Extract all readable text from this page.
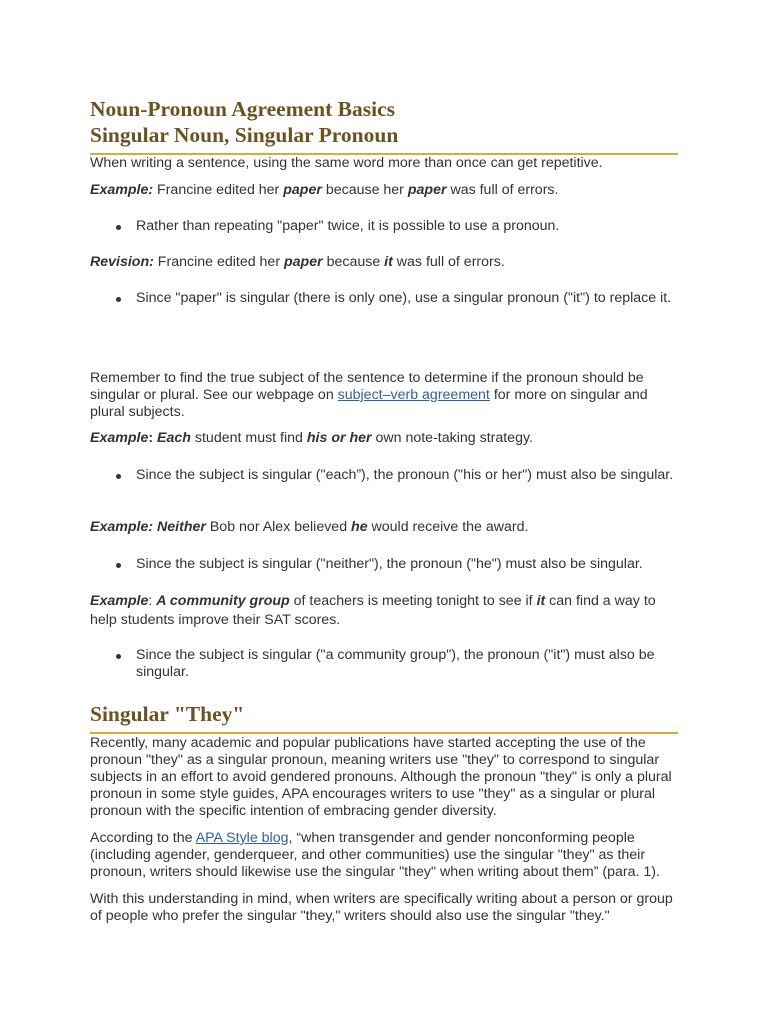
Noun-Pronoun Agreement Basics
Singular Noun, Singular Pronoun

When writing a sentence, using the same word more than once can get repetitive.

Example: Francine edited her paper because her paper was full of errors.

Rather than repeating "paper" twice, it is possible to use a pronoun.

Revision: Francine edited her paper because it was full of errors.

Since "paper" is singular (there is only one), use a singular pronoun ("it") to replace it.

Remember to find the true subject of the sentence to determine if the pronoun should be singular or plural. See our webpage on subject–verb agreement for more on singular and plural subjects.

Example: Each student must find his or her own note-taking strategy.

Since the subject is singular ("each”), the pronoun ("his or her") must also be singular.

Example: Neither Bob nor Alex believed he would receive the award.

Since the subject is singular ("neither"), the pronoun ("he") must also be singular.

Example: A community group of teachers is meeting tonight to see if it can find a way to help students improve their SAT scores.

Since the subject is singular ("a community group"), the pronoun ("it") must also be singular.

Singular "They"

Recently, many academic and popular publications have started accepting the use of the pronoun "they" as a singular pronoun, meaning writers use "they" to correspond to singular subjects in an effort to avoid gendered pronouns. Although the pronoun "they" is only a plural pronoun in some style guides, APA encourages writers to use "they" as a singular or plural pronoun with the specific intention of embracing gender diversity.

According to the APA Style blog, “when transgender and gender nonconforming people (including agender, genderqueer, and other communities) use the singular "they" as their pronoun, writers should likewise use the singular "they" when writing about them” (para. 1).

With this understanding in mind, when writers are specifically writing about a person or group of people who prefer the singular "they," writers should also use the singular "they."
